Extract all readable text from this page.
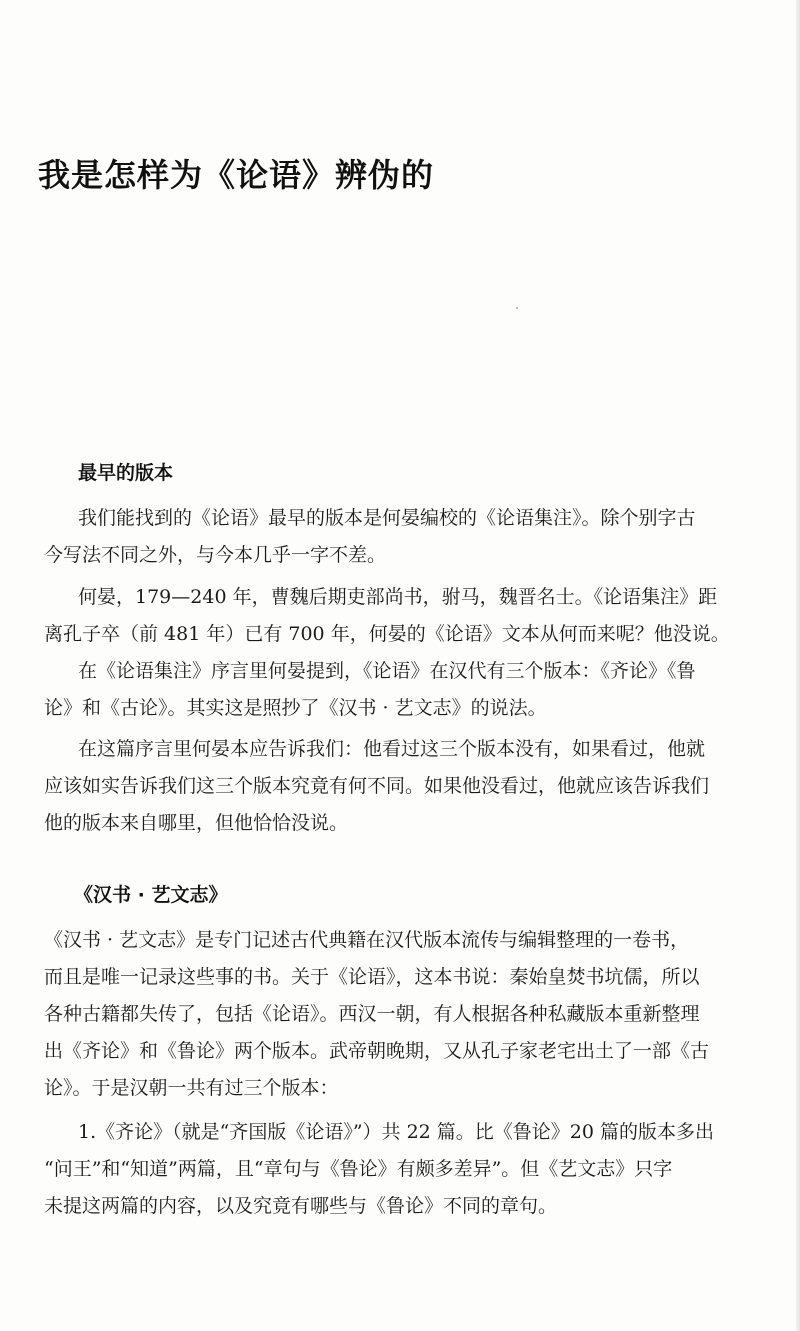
我是怎样为《论语》辨伪的
最早的版本

我们能找到的《论语》最早的版本是何晏编校的《论语集注》。除个别字古

今写法不同之外，与今本几乎一字不差。

何晏，179—240 年，曹魏后期吏部尚书，驸马，魏晋名士。《论语集注》距

离孔子卒（前 481 年）已有 700 年，何晏的《论语》文本从何而来呢？他没说。

在《论语集注》序言里何晏提到，《论语》在汉代有三个版本：《齐论》《鲁

论》和《古论》。其实这是照抄了《汉书 · 艺文志》的说法。

在这篇序言里何晏本应告诉我们：他看过这三个版本没有，如果看过，他就

应该如实告诉我们这三个版本究竟有何不同。如果他没看过，他就应该告诉我们

他的版本来自哪里，但他恰恰没说。

《汉书 · 艺文志》

《汉书 · 艺文志》是专门记述古代典籍在汉代版本流传与编辑整理的一卷书，

而且是唯一记录这些事的书。关于《论语》，这本书说：秦始皇焚书坑儒，所以

各种古籍都失传了，包括《论语》。西汉一朝，有人根据各种私藏版本重新整理

出《齐论》和《鲁论》两个版本。武帝朝晚期，又从孔子家老宅出土了一部《古

论》。于是汉朝一共有过三个版本：

1.《齐论》（就是“齐国版《论语》”）共 22 篇。比《鲁论》20 篇的版本多出

“问王”和“知道”两篇，且“章句与《鲁论》有颇多差异”。但《艺文志》只字

未提这两篇的内容，以及究竟有哪些与《鲁论》不同的章句。
